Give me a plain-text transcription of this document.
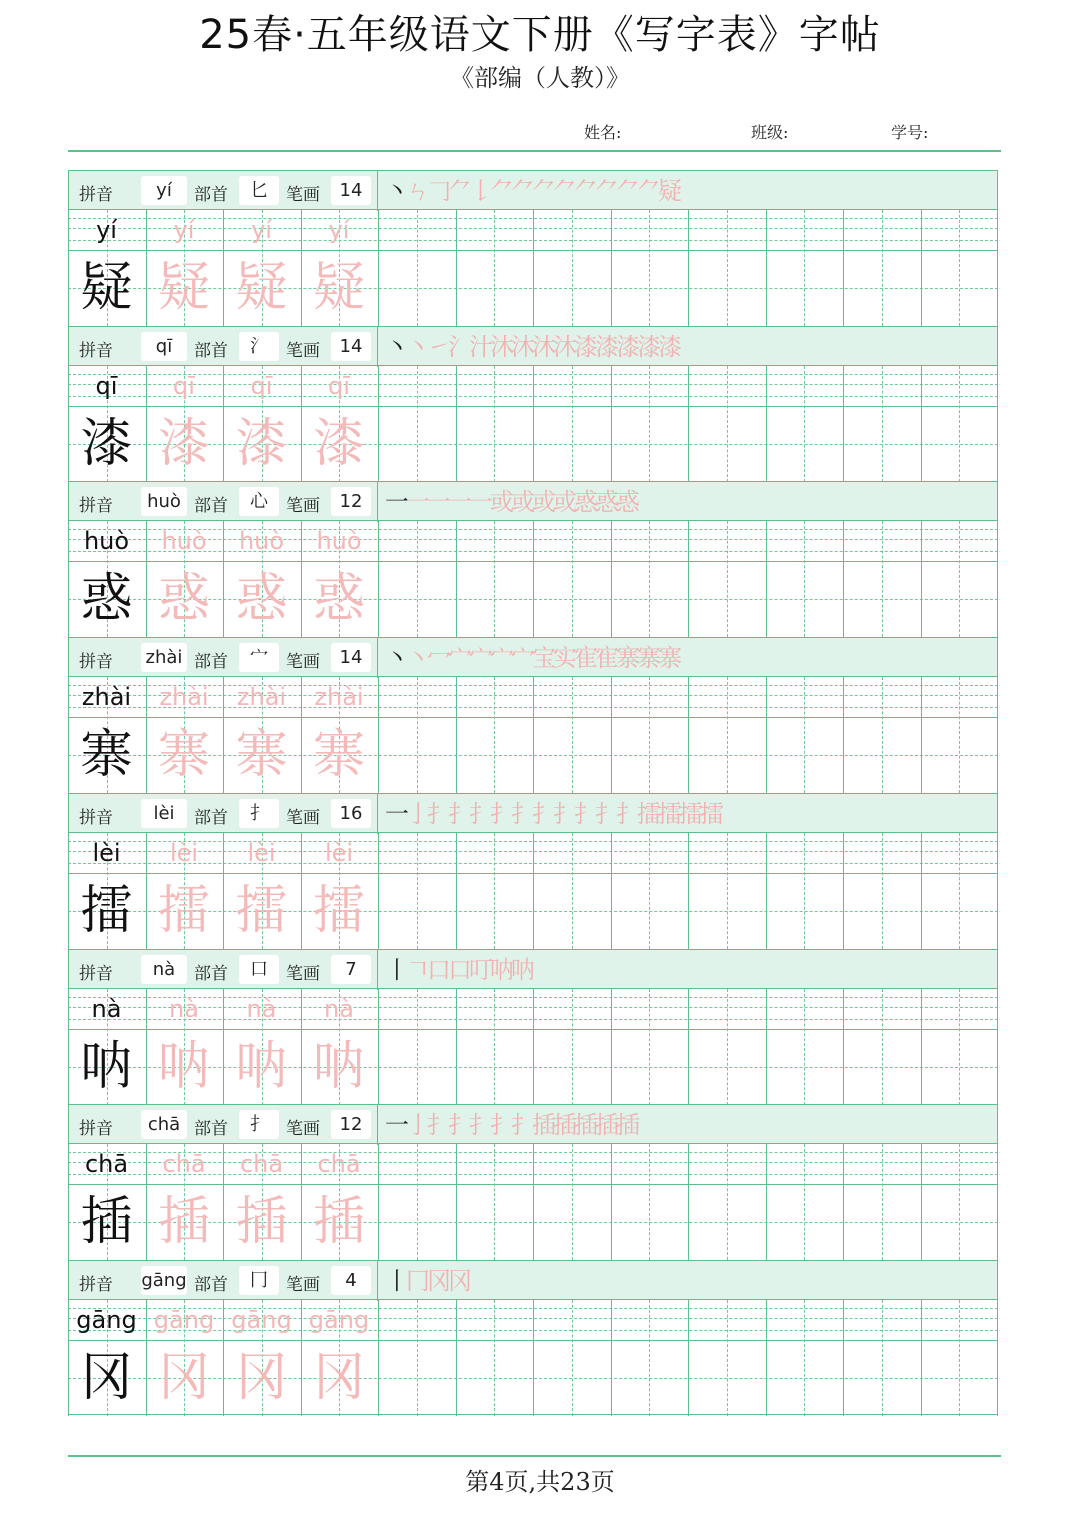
25春·五年级语文下册《写字表》字帖
《部编（人教）》
姓名:	班级:	学号:
拼音	yí	部首	匕	笔画	14 丶ㄣ𠃌⺈𠄌⺈⺈⺈⺈⺈⺈⺈⺈疑
yí
疑
yí
疑
yí
疑
yí
疑
拼音	qī	部首	氵	笔画	14 丶丶㇀氵汁沐沐沐沐漆漆漆漆漆
qī
漆
qī
漆
qī
漆
qī
漆
拼音	huò 部首	心	笔画	12 一一一一一或或或或惑惑惑
huò
惑
huò
惑
huò
惑
huò
惑
拼音 zhài 部首	宀	笔画	14 丶丶冖宀宀宀宀宝实寉寉寨寨寨
zhài
寨
zhài
寨
zhài
寨
zhài
寨
拼音	lèi	部首	扌	笔画	16 一亅扌扌扌扌扌扌扌扌扌扌擂擂擂擂
lèi
擂
lèi
擂
lèi
擂
lèi
擂
拼音	nà	部首	口	笔画	7	丨𠃍口口叮呐呐
nà
呐
nà
呐
nà
呐
nà
呐
拼音	chā 部首	扌	笔画	12 一亅扌扌扌扌扌插插插插插
chā
插
chā
插
chā
插
chā
插
拼音 gāng 部首	冂	笔画	4	丨冂冈冈
gāng
冈
gāng
冈
gāng
冈
gāng
冈
第4页,共23页
